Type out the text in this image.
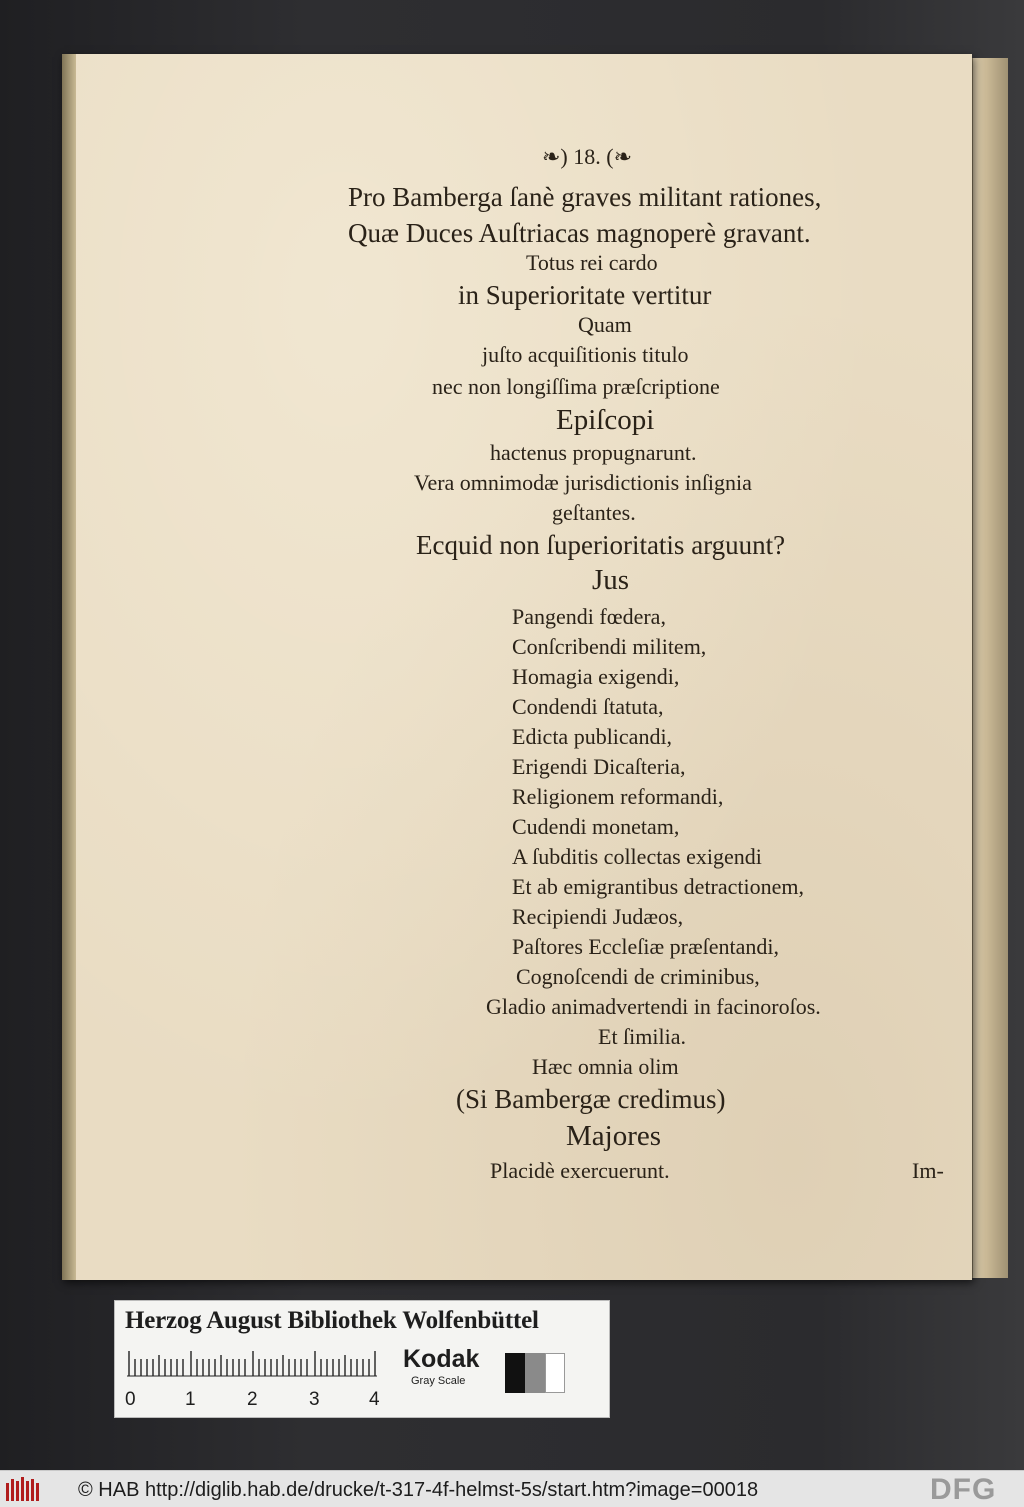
❧) 18. (❧
Pro Bamberga ſanè graves militant rationes,
Quæ Duces Auſtriacas magnoperè gravant.
Totus rei cardo
in Superioritate vertitur
Quam
juſto acquiſitionis titulo
nec non longiſſima præſcriptione
Epiſcopi
hactenus propugnarunt.
Vera omnimodæ jurisdictionis inſignia
geſtantes.
Ecquid non ſuperioritatis arguunt?
Jus
Pangendi fœdera,
Conſcribendi militem,
Homagia exigendi,
Condendi ſtatuta,
Edicta publicandi,
Erigendi Dicaſteria,
Religionem reformandi,
Cudendi monetam,
A ſubditis collectas exigendi
Et ab emigrantibus detractionem,
Recipiendi Judæos,
Paſtores Eccleſiæ præſentandi,
Cognoſcendi de criminibus,
Gladio animadvertendi in facinoroſos.
Et ſimilia.
Hæc omnia olim
(Si Bambergæ credimus)
Majores
Placidè exercuerunt.	Im-
Herzog August Bibliothek Wolfenbüttel
0	1	2	3	4
Kodak
Gray Scale
© HAB http://diglib.hab.de/drucke/t-317-4f-helmst-5s/start.htm?image=00018	DFG
